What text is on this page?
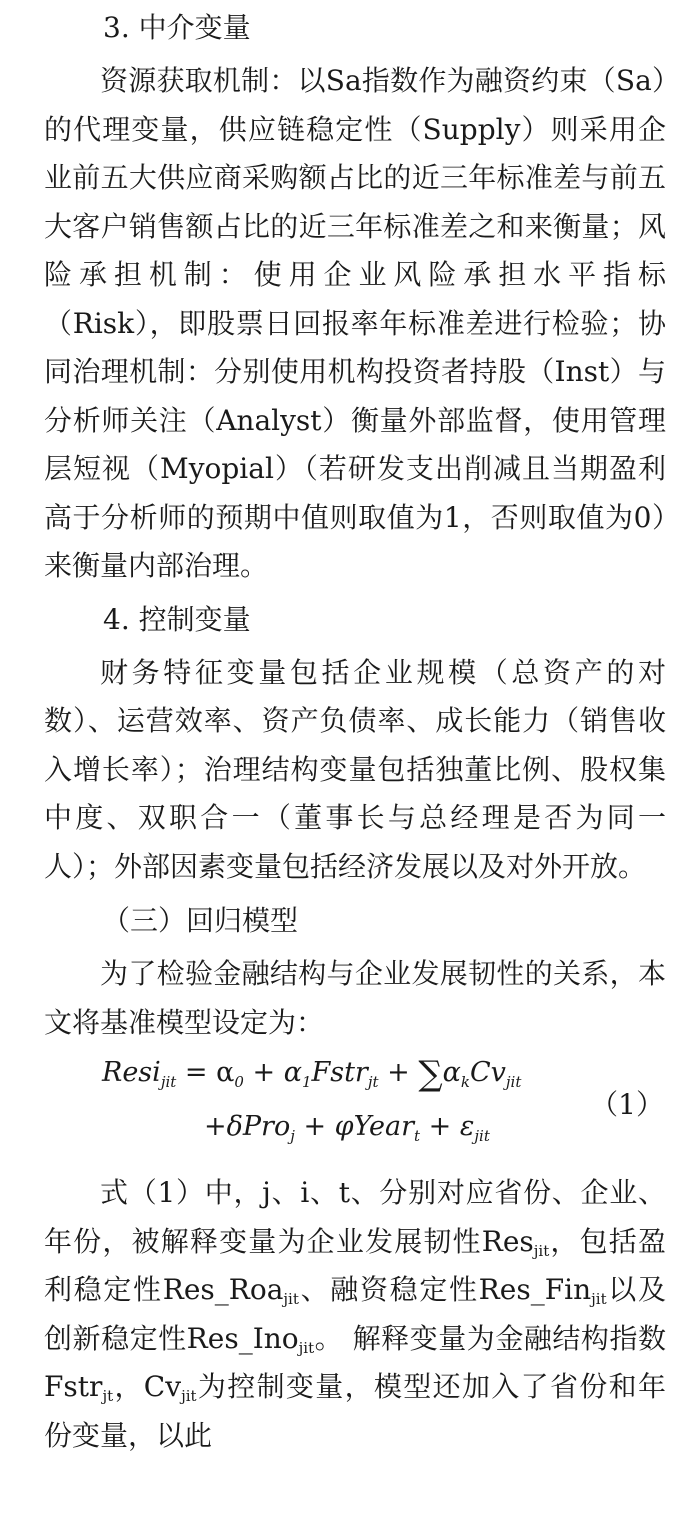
3. 中介变量

资源获取机制：以Sa指数作为融资约束（Sa）的代理变量，供应链稳定性（Supply）则采用企业前五大供应商采购额占比的近三年标准差与前五大客户销售额占比的近三年标准差之和来衡量；风险承担机制：使用企业风险承担水平指标（Risk），即股票日回报率年标准差进行检验；协同治理机制：分别使用机构投资者持股（Inst）与分析师关注（Analyst）衡量外部监督，使用管理层短视（Myopial）（若研发支出削减且当期盈利高于分析师的预期中值则取值为1，否则取值为0）来衡量内部治理。

4. 控制变量

财务特征变量包括企业规模（总资产的对数）、运营效率、资产负债率、成长能力（销售收入增长率）；治理结构变量包括独董比例、股权集中度、双职合一（董事长与总经理是否为同一人）；外部因素变量包括经济发展以及对外开放。

（三）回归模型

为了检验金融结构与企业发展韧性的关系，本文将基准模型设定为：

Resi$_{jit}$ = $\alpha_0$ + $\alpha_1Fstr_{jt} + \sum\alpha_kCv_{jit}$
+δPro$_j$ + φYear$_t$ + $\varepsilon_{jit}$
（1）

式（1）中，j、i、t、分别对应省份、企业、年份，被解释变量为企业发展韧性Res$_{jit}$，包括盈利稳定性Res_Roa$_{jit}$、融资稳定性Res_Fin$_{jit}$以及创新稳定性Res_Ino$_{jit}$。 解释变量为金融结构指数Fstr$_{jt}$，$Cv_{jit}$为控制变量，模型还加入了省份和年份变量，以此
